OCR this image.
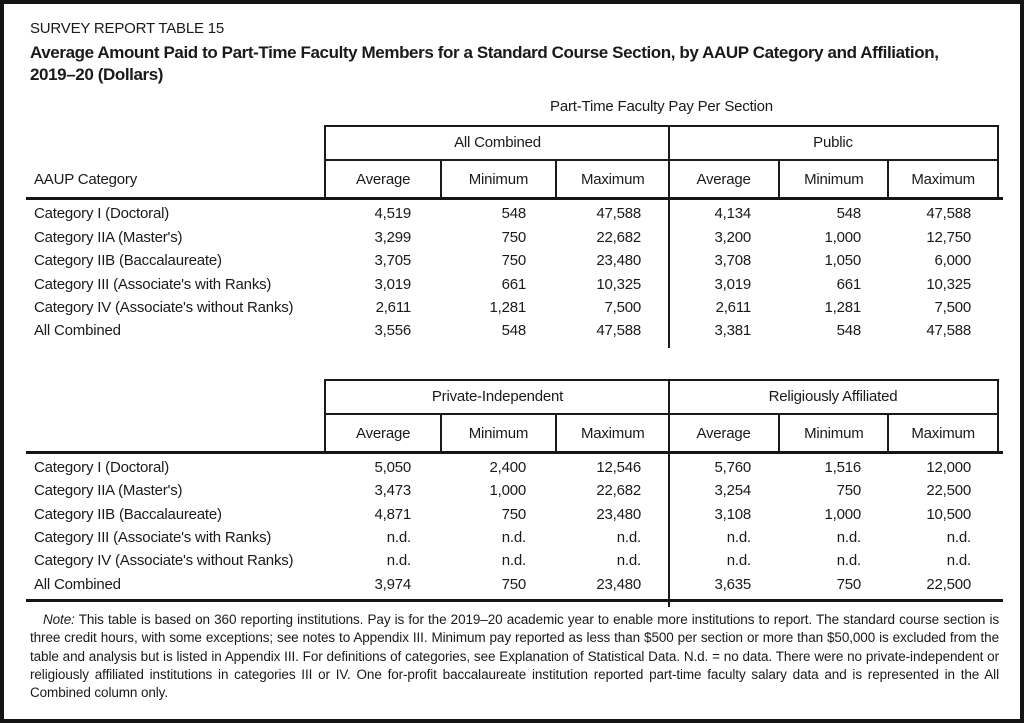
SURVEY REPORT TABLE 15
Average Amount Paid to Part-Time Faculty Members for a Standard Course Section, by AAUP Category and Affiliation, 2019–20 (Dollars)
Part-Time Faculty Pay Per Section
AAUP Category
All Combined	Public
Average	Minimum	Maximum	Average	Minimum	Maximum
Category I (Doctoral)	4,519	548	47,588	4,134	548	47,588
Category IIA (Master's)	3,299	750	22,682	3,200	1,000	12,750
Category IIB (Baccalaureate)	3,705	750	23,480	3,708	1,050	6,000
Category III (Associate's with Ranks)	3,019	661	10,325	3,019	661	10,325
Category IV (Associate's without Ranks)	2,611	1,281	7,500	2,611	1,281	7,500
All Combined	3,556	548	47,588	3,381	548	47,588
Private-Independent	Religiously Affiliated
Average	Minimum	Maximum	Average	Minimum	Maximum
Category I (Doctoral)	5,050	2,400	12,546	5,760	1,516	12,000
Category IIA (Master's)	3,473	1,000	22,682	3,254	750	22,500
Category IIB (Baccalaureate)	4,871	750	23,480	3,108	1,000	10,500
Category III (Associate's with Ranks)	n.d.	n.d.	n.d.	n.d.	n.d.	n.d.
Category IV (Associate's without Ranks)	n.d.	n.d.	n.d.	n.d.	n.d.	n.d.
All Combined	3,974	750	23,480	3,635	750	22,500

Note: This table is based on 360 reporting institutions. Pay is for the 2019–20 academic year to enable more institutions to report. The standard course section is three credit hours, with some exceptions; see notes to Appendix III. Minimum pay reported as less than $500 per section or more than $50,000 is excluded from the table and analysis but is listed in Appendix III. For definitions of categories, see Explanation of Statistical Data. N.d. = no data. There were no private-independent or religiously affiliated institutions in categories III or IV. One for-profit baccalaureate institution reported part-time faculty salary data and is represented in the All Combined column only.
